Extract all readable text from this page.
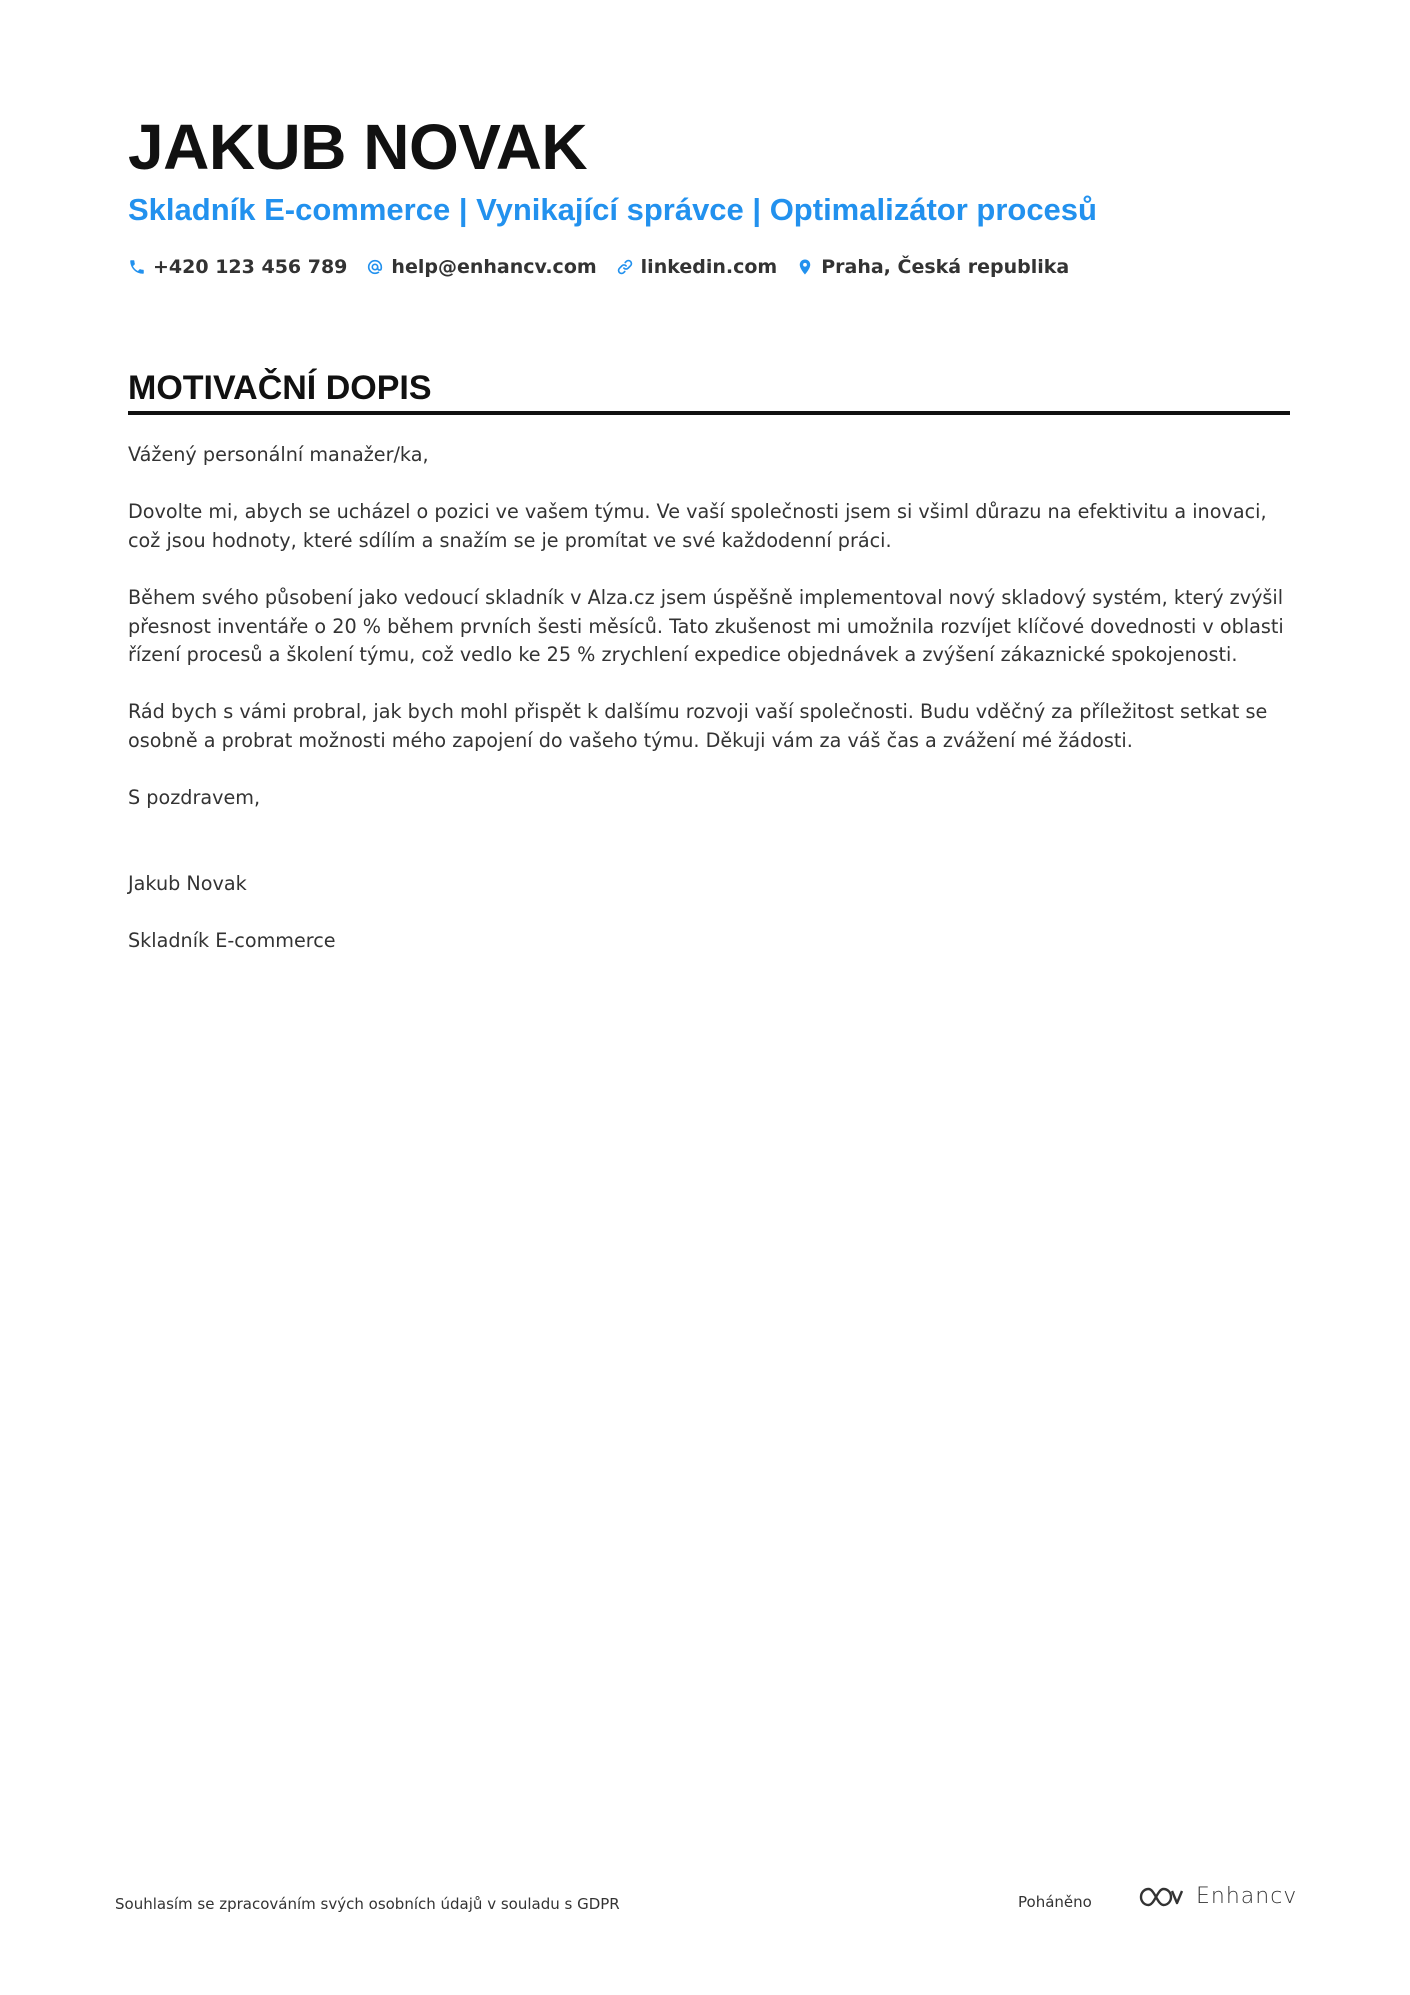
JAKUB NOVAK
Skladník E-commerce | Vynikající správce | Optimalizátor procesů
+420 123 456 789 help@enhancv.com linkedin.com Praha, Česká republika
MOTIVAČNÍ DOPIS

Vážený personální manažer/ka,

Dovolte mi, abych se ucházel o pozici ve vašem týmu. Ve vaší společnosti jsem si všiml důrazu na efektivitu a inovaci, což jsou hodnoty, které sdílím a snažím se je promítat ve své každodenní práci.

Během svého působení jako vedoucí skladník v Alza.cz jsem úspěšně implementoval nový skladový systém, který zvýšil přesnost inventáře o 20 % během prvních šesti měsíců. Tato zkušenost mi umožnila rozvíjet klíčové dovednosti v oblasti řízení procesů a školení týmu, což vedlo ke 25 % zrychlení expedice objednávek a zvýšení zákaznické spokojenosti.

Rád bych s vámi probral, jak bych mohl přispět k dalšímu rozvoji vaší společnosti. Budu vděčný za příležitost setkat se osobně a probrat možnosti mého zapojení do vašeho týmu. Děkuji vám za váš čas a zvážení mé žádosti.

S pozdravem,

Jakub Novak

Skladník E-commerce

Souhlasím se zpracováním svých osobních údajů v souladu s GDPR	Poháněno	Enhancv
